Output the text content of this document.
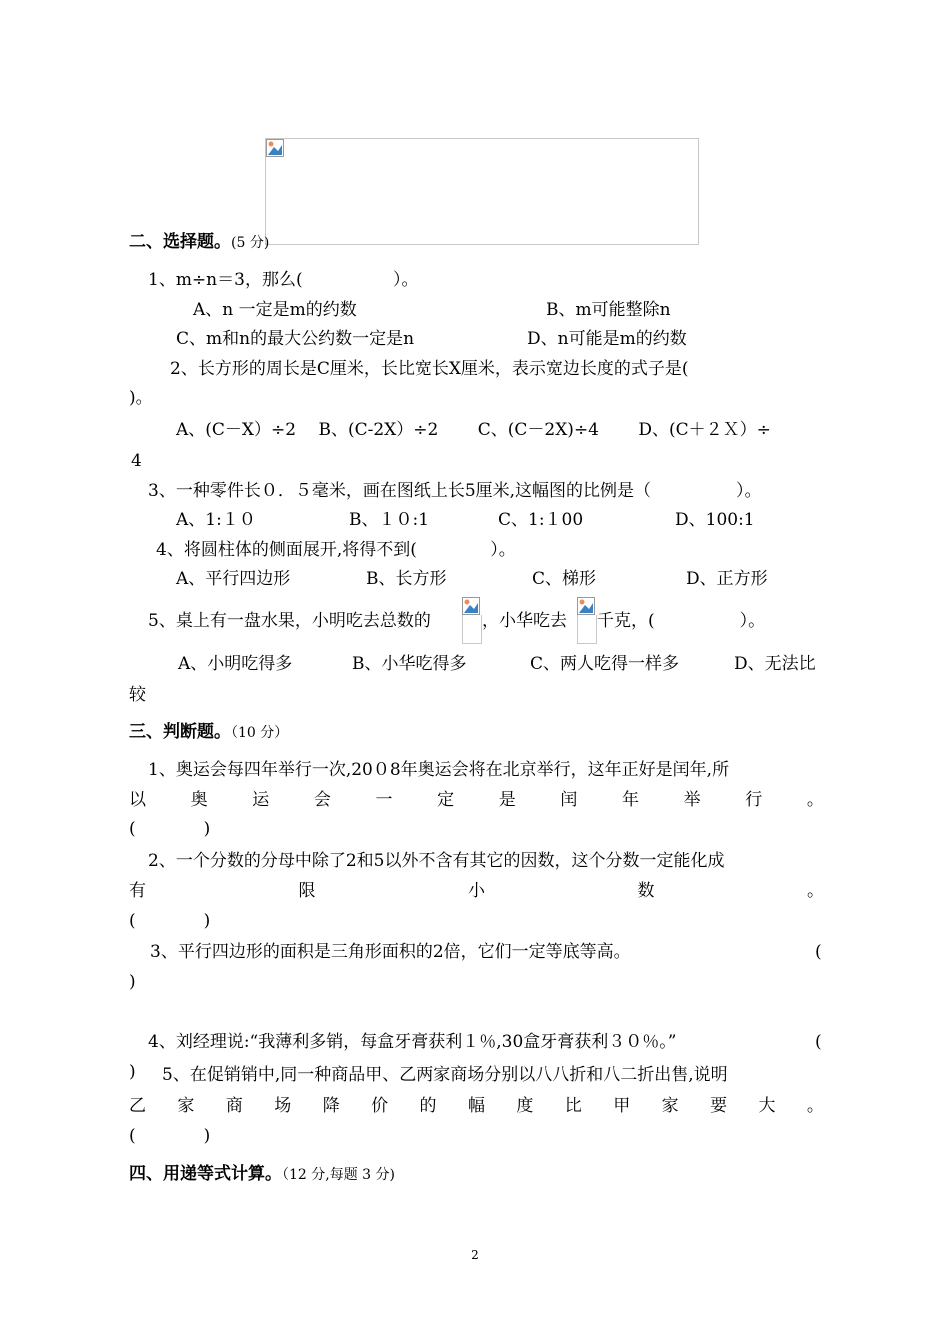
二、选择题。(5 分)
1、m÷n＝3，那么(　　　　　 ）。
A、n 一定是m的约数	B、m可能整除n
C、m和n的最大公约数一定是n	D、n可能是m的约数
2、长方形的周长是C厘米，长比宽长X厘米，表示宽边长度的式子是(
)。
A、(C－X）÷2　 B、(C-2X）÷2　　 C、(C－2X)÷4　　 D、(C＋２Ｘ）÷
4
3、一种零件长０．５毫米，画在图纸上长5厘米,这幅图的比例是（　　　　　）。
A、1:１０	B、１０:1	C、1:１00	D、100:1
4、将圆柱体的侧面展开,将得不到(　　　　 ）。
A、平行四边形	B、长方形	C、梯形	D、正方形
5、桌上有一盘水果，小明吃去总数的	，小华吃去 千克，(　　　　　）。
A、小明吃得多	B、小华吃得多	C、两人吃得一样多	D、无法比
较
三、判断题。（10 分）
1、奥运会每四年举行一次,20０8年奥运会将在北京举行，这年正好是闰年,所
以	奥	运	会	一	定	是	闰	年	举	行	。
(　　　　)
2、一个分数的分母中除了2和5以外不含有其它的因数，这个分数一定能化成
有	限	小	数	。
(　　　　)
3、平行四边形的面积是三角形面积的2倍，它们一定等底等高。	(
)
4、刘经理说:“我薄利多销，每盒牙膏获利１％,30盒牙膏获利３０％。”	(
) 5、在促销销中,同一种商品甲、乙两家商场分别以八八折和八二折出售,说明
乙 家 商 场 降 价 的 幅 度 比 甲 家 要 大 。
(　　　　)
四、用递等式计算。（12 分,每题 3 分)
2
